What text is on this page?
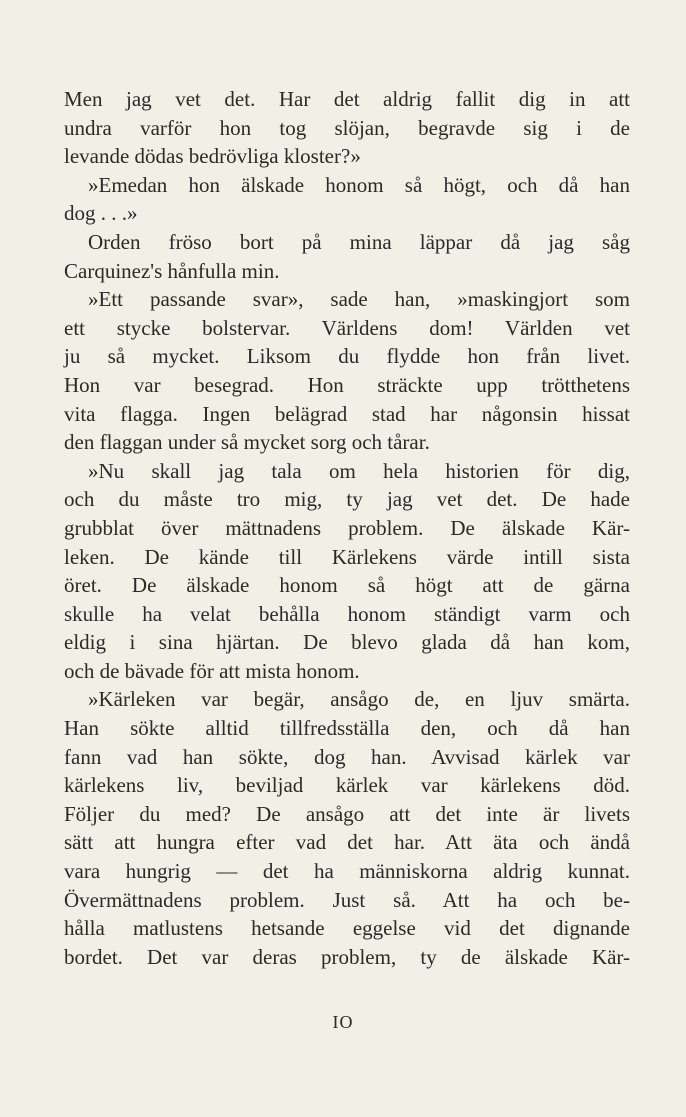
Men jag vet det. Har det aldrig fallit dig in att
undra varför hon tog slöjan, begravde sig i de
levande dödas bedrövliga kloster?»
»Emedan hon älskade honom så högt, och då han
dog . . .»
Orden fröso bort på mina läppar då jag såg
Carquinez's hånfulla min.
»Ett passande svar», sade han, »maskingjort som
ett stycke bolstervar. Världens dom! Världen vet
ju så mycket. Liksom du flydde hon från livet.
Hon var besegrad. Hon sträckte upp trötthetens
vita flagga. Ingen belägrad stad har någonsin hissat
den flaggan under så mycket sorg och tårar.
»Nu skall jag tala om hela historien för dig,
och du måste tro mig, ty jag vet det. De hade
grubblat över mättnadens problem. De älskade Kär-
leken. De kände till Kärlekens värde intill sista
öret. De älskade honom så högt att de gärna
skulle ha velat behålla honom ständigt varm och
eldig i sina hjärtan. De blevo glada då han kom,
och de bävade för att mista honom.
»Kärleken var begär, ansågo de, en ljuv smärta.
Han sökte alltid tillfredsställa den, och då han
fann vad han sökte, dog han. Avvisad kärlek var
kärlekens liv, beviljad kärlek var kärlekens död.
Följer du med? De ansågo att det inte är livets
sätt att hungra efter vad det har. Att äta och ändå
vara hungrig — det ha människorna aldrig kunnat.
Övermättnadens problem. Just så. Att ha och be-
hålla matlustens hetsande eggelse vid det dignande
bordet. Det var deras problem, ty de älskade Kär-
IO
